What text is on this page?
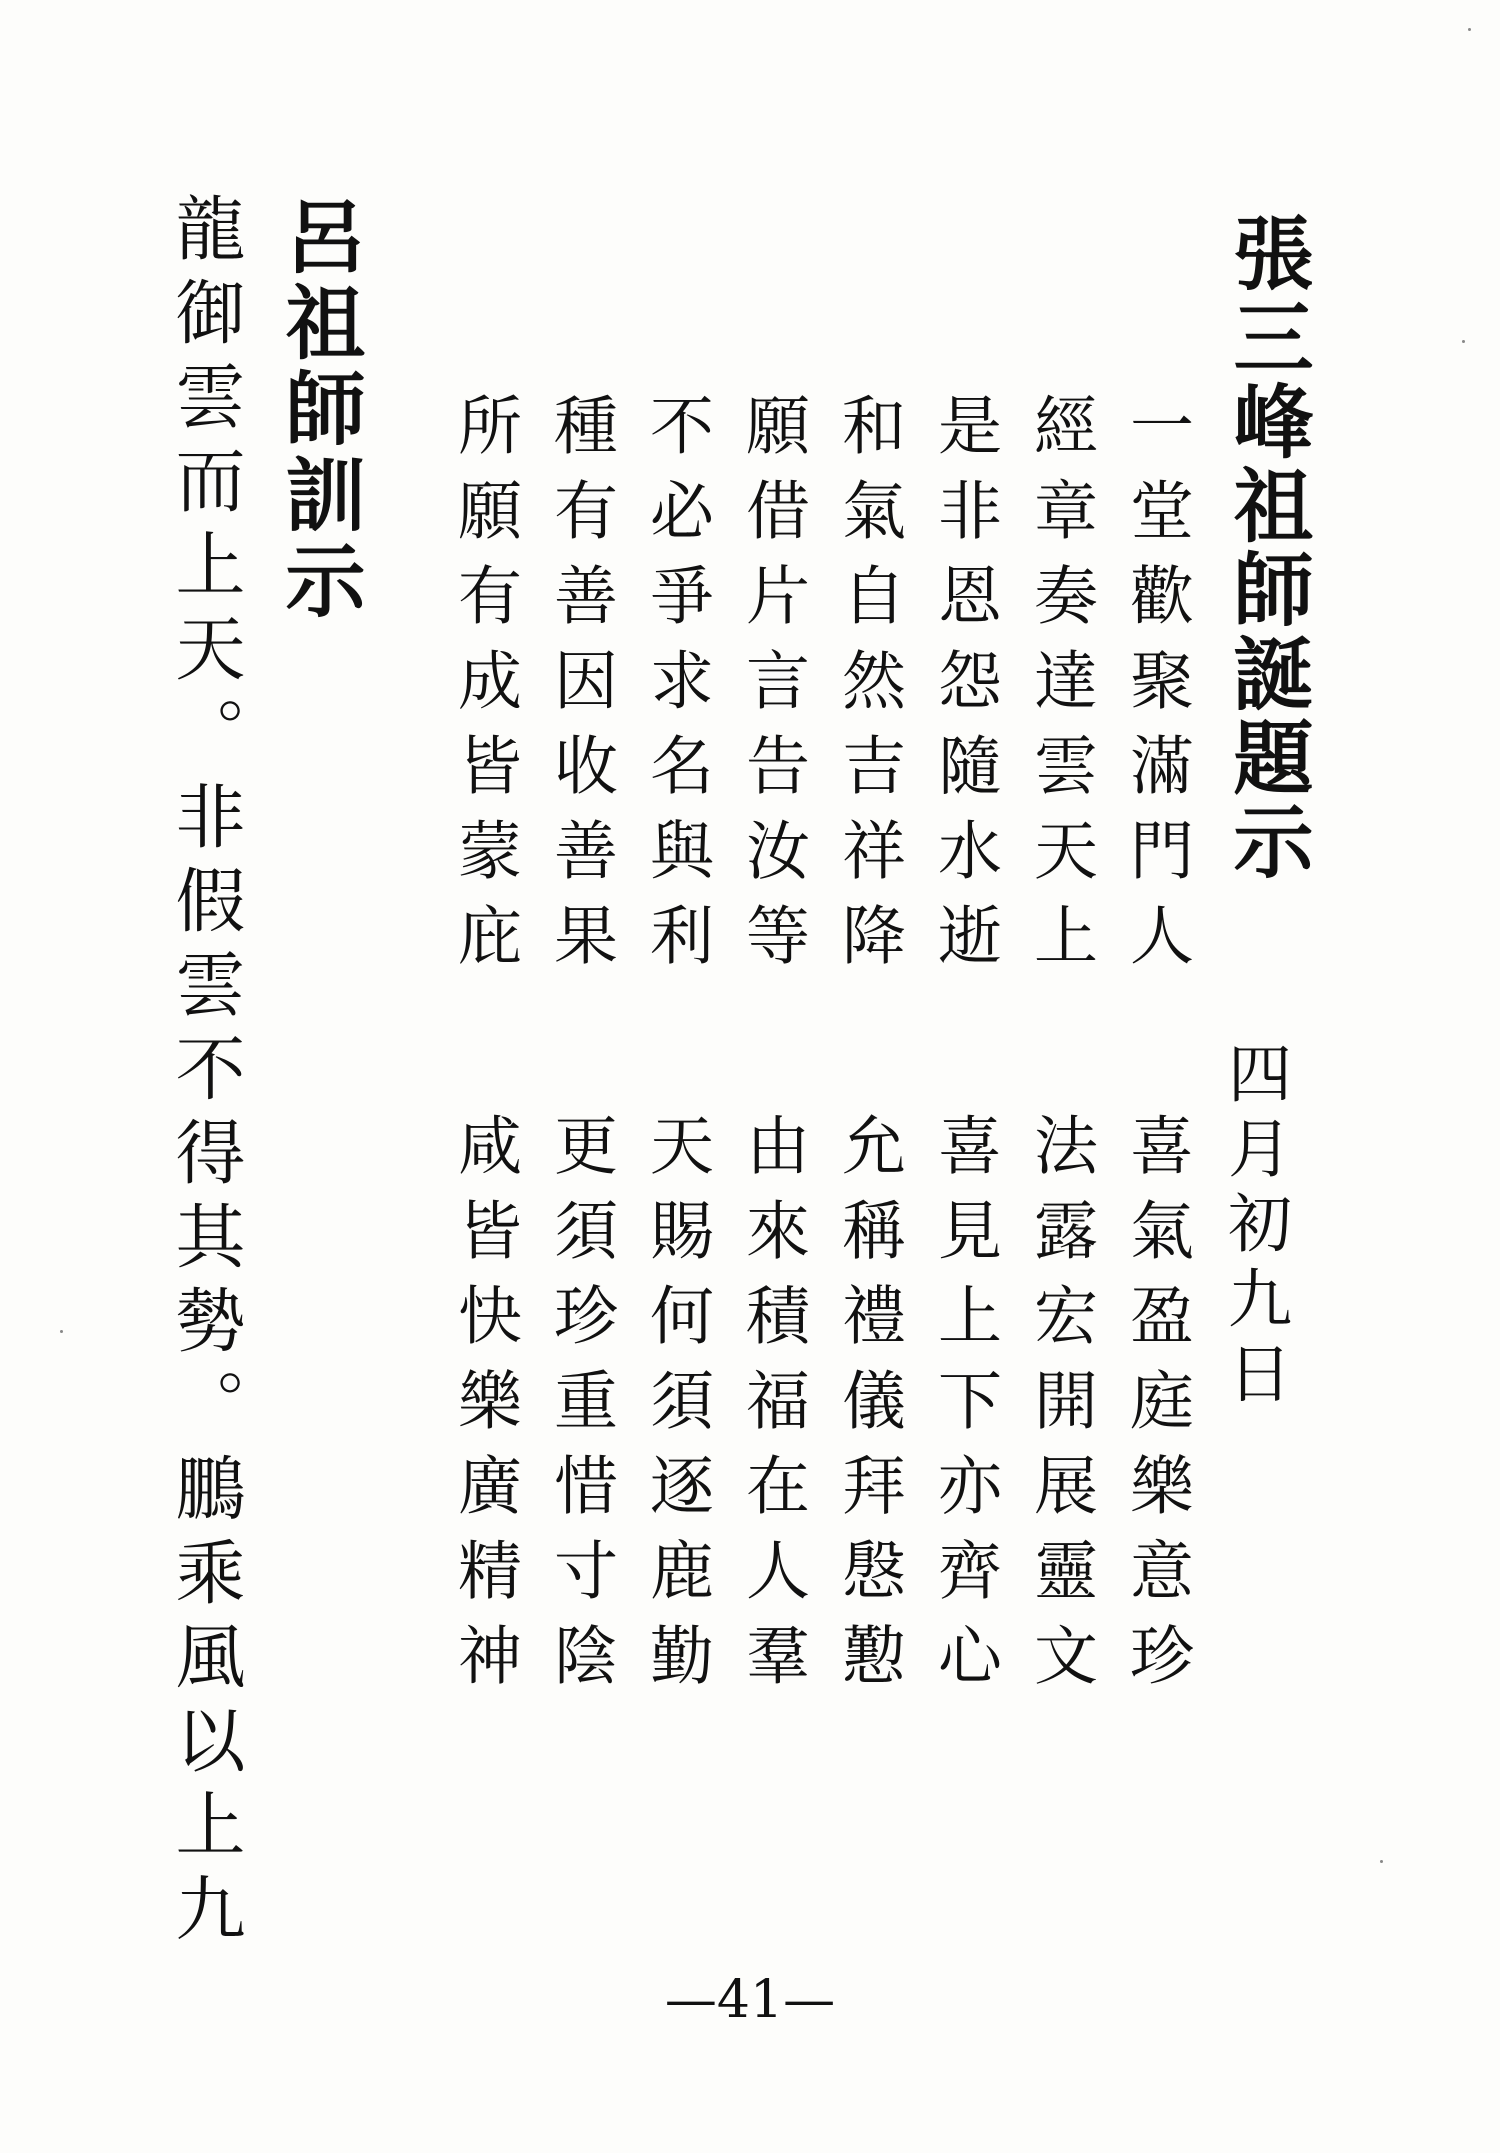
張三峰祖師誕題示
一堂歡聚滿門人
經章奏達雲天上
是非恩怨隨水逝
和氣自然吉祥降
願借片言告汝等
不必爭求名與利
種有善因收善果
所願有成皆蒙庇
四月初九日
喜氣盈庭樂意珍
法露宏開展靈文
喜見上下亦齊心
允稱禮儀拜慇懃
由來積福在人羣
天賜何須逐鹿勤
更須珍重惜寸陰
咸皆快樂廣精神
呂祖師訓示
龍御雲而上天。非假雲不得其勢。鵬乘風以上九
—41—
